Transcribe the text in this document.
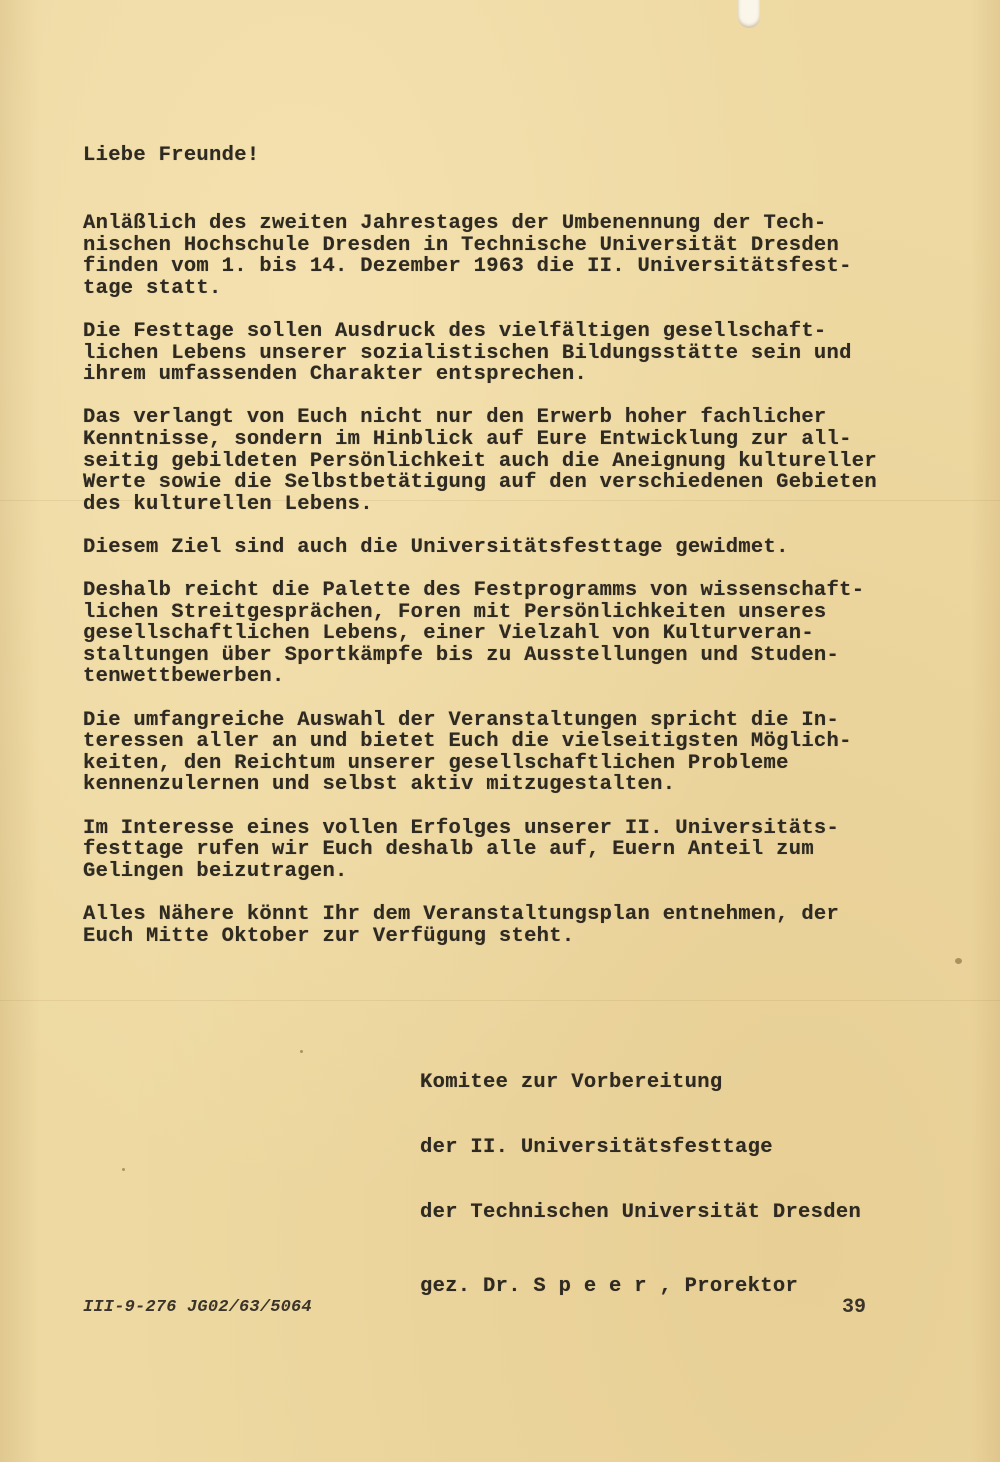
Liebe Freunde!

Anläßlich des zweiten Jahrestages der Umbenennung der Tech-
nischen Hochschule Dresden in Technische Universität Dresden
finden vom 1. bis 14. Dezember 1963 die II. Universitätsfest-
tage statt.

Die Festtage sollen Ausdruck des vielfältigen gesellschaft-
lichen Lebens unserer sozialistischen Bildungsstätte sein und
ihrem umfassenden Charakter entsprechen.

Das verlangt von Euch nicht nur den Erwerb hoher fachlicher
Kenntnisse, sondern im Hinblick auf Eure Entwicklung zur all-
seitig gebildeten Persönlichkeit auch die Aneignung kultureller
Werte sowie die Selbstbetätigung auf den verschiedenen Gebieten
des kulturellen Lebens.

Diesem Ziel sind auch die Universitätsfesttage gewidmet.

Deshalb reicht die Palette des Festprogramms von wissenschaft-
lichen Streitgesprächen, Foren mit Persönlichkeiten unseres
gesellschaftlichen Lebens, einer Vielzahl von Kulturveran-
staltungen über Sportkämpfe bis zu Ausstellungen und Studen-
tenwettbewerben.

Die umfangreiche Auswahl der Veranstaltungen spricht die In-
teressen aller an und bietet Euch die vielseitigsten Möglich-
keiten, den Reichtum unserer gesellschaftlichen Probleme
kennenzulernen und selbst aktiv mitzugestalten.

Im Interesse eines vollen Erfolges unserer II. Universitäts-
festtage rufen wir Euch deshalb alle auf, Euern Anteil zum
Gelingen beizutragen.

Alles Nähere könnt Ihr dem Veranstaltungsplan entnehmen, der
Euch Mitte Oktober zur Verfügung steht.

Komitee zur Vorbereitung

der II. Universitätsfesttage

der Technischen Universität Dresden

gez. Dr. S p e e r , Prorektor

III-9-276 JG02/63/5064	39
